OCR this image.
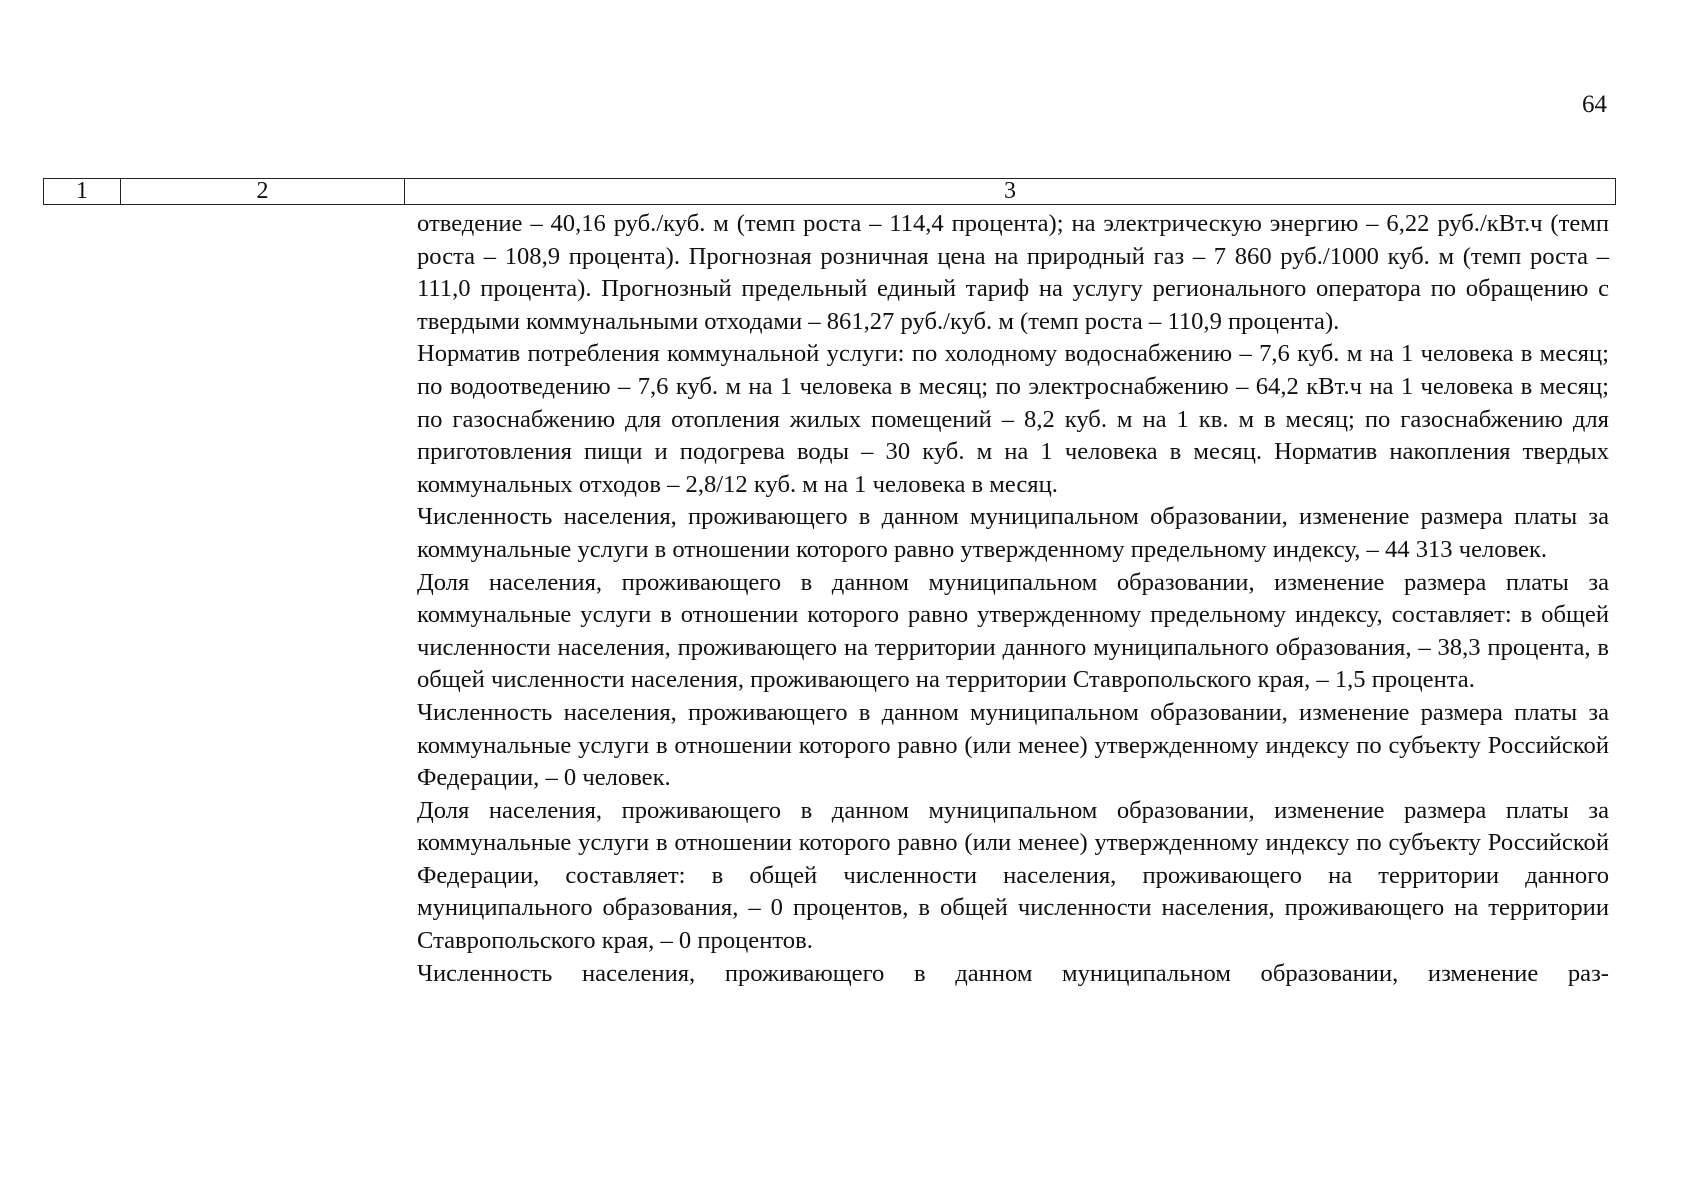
64
1	2	3

отведение – 40,16 руб./куб. м (темп роста – 114,4 процента); на электрическую энергию – 6,22 руб./кВт.ч (темп роста – 108,9 процента). Прогнозная розничная цена на природный газ – 7 860 руб./1000 куб. м (темп роста – 111,0 процента). Прогнозный предельный единый тариф на услугу регионального оператора по обращению с твердыми коммунальными отходами – 861,27 руб./куб. м (темп роста – 110,9 процента).

Норматив потребления коммунальной услуги: по холодному водоснабжению – 7,6 куб. м на 1 человека в месяц; по водоотведению – 7,6 куб. м на 1 человека в месяц; по электроснабжению – 64,2 кВт.ч на 1 человека в месяц; по газоснабжению для отопления жилых помещений – 8,2 куб. м на 1 кв. м в месяц; по газоснабжению для приготовления пищи и подогрева воды – 30 куб. м на 1 человека в месяц. Норматив накопления твердых коммунальных отходов – 2,8/12 куб. м на 1 человека в месяц.

Численность населения, проживающего в данном муниципальном образовании, изменение размера платы за коммунальные услуги в отношении которого равно утвержденному предельному индексу, – 44 313 человек.

Доля населения, проживающего в данном муниципальном образовании, изменение размера платы за коммунальные услуги в отношении которого равно утвержденному предельному индексу, составляет: в общей численности населения, проживающего на территории данного муниципального образования, – 38,3 процента, в общей численности населения, проживающего на территории Ставропольского края, – 1,5 процента.

Численность населения, проживающего в данном муниципальном образовании, изменение размера платы за коммунальные услуги в отношении которого равно (или менее) утвержденному индексу по субъекту Российской Федерации, – 0 человек.

Доля населения, проживающего в данном муниципальном образовании, изменение размера платы за коммунальные услуги в отношении которого равно (или менее) утвержденному индексу по субъекту Российской Федерации, составляет: в общей численности населения, проживающего на территории данного муниципального образования, – 0 процентов, в общей численности населения, проживающего на территории Ставропольского края, – 0 процентов.

Численность населения, проживающего в данном муниципальном образовании, изменение раз-
